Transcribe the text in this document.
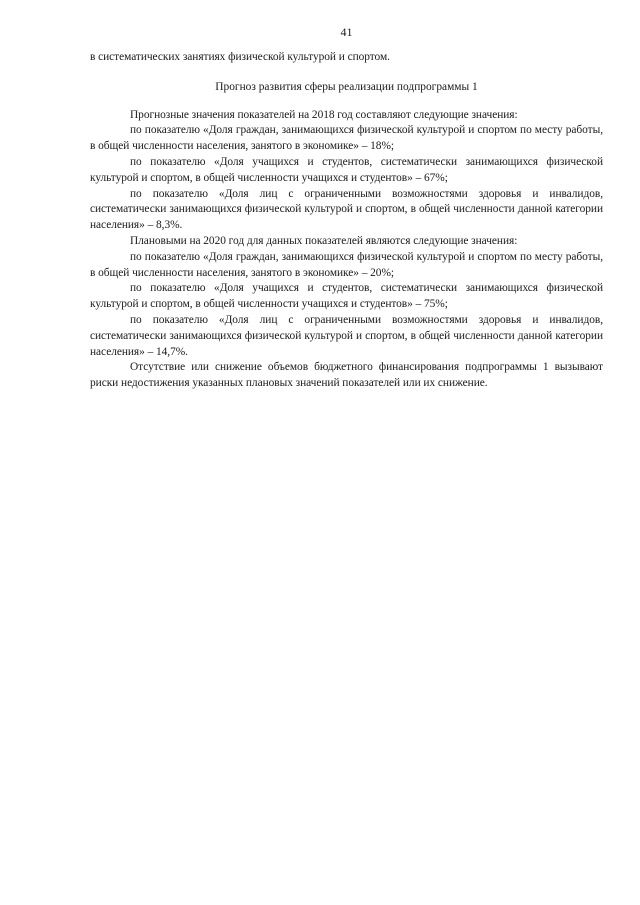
41

в систематических занятиях физической культурой и спортом.

Прогноз развития сферы реализации подпрограммы 1

Прогнозные значения показателей на 2018 год составляют следующие значения:

по показателю «Доля граждан, занимающихся физической культурой и спортом по месту работы, в общей численности населения, занятого в экономике» – 18%;

по показателю «Доля учащихся и студентов, систематически занимающихся физической культурой и спортом, в общей численности учащихся и студентов» – 67%;

по показателю «Доля лиц с ограниченными возможностями здоровья и инвалидов, систематически занимающихся физической культурой и спортом, в общей численности данной категории населения» – 8,3%.

Плановыми на 2020 год для данных показателей являются следующие значения:

по показателю «Доля граждан, занимающихся физической культурой и спортом по месту работы, в общей численности населения, занятого в экономике» – 20%;

по показателю «Доля учащихся и студентов, систематически занимающихся физической культурой и спортом, в общей численности учащихся и студентов» – 75%;

по показателю «Доля лиц с ограниченными возможностями здоровья и инвалидов, систематически занимающихся физической культурой и спортом, в общей численности данной категории населения» – 14,7%.

Отсутствие или снижение объемов бюджетного финансирования подпрограммы 1 вызывают риски недостижения указанных плановых значений показателей или их снижение.
